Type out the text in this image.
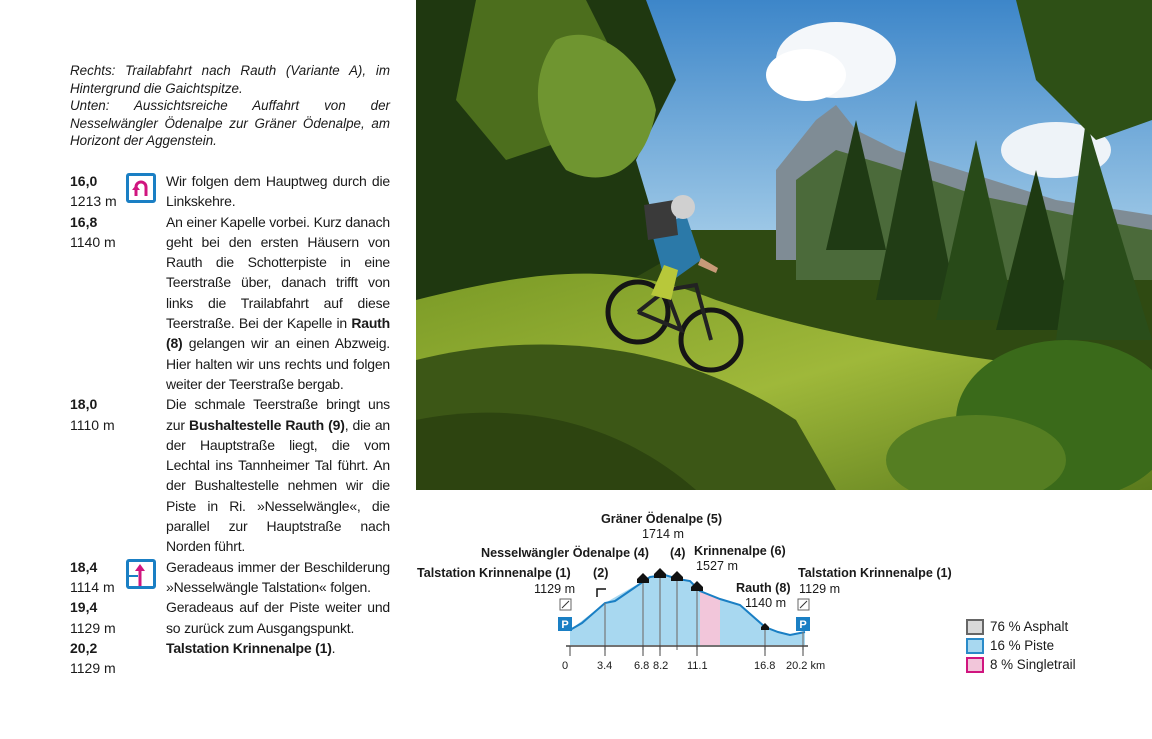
Rechts: Trailabfahrt nach Rauth (Variante A), im Hintergrund die Gaichtspitze.

Unten: Aussichtsreiche Auffahrt von der Nesselwängler Ödenalpe zur Gräner Ödenalpe, am Horizont der Aggenstein.

16,0
1213 m
Wir folgen dem Hauptweg durch die Linkskehre.
16,8
1140 m
An einer Kapelle vorbei. Kurz danach geht bei den ersten Häusern von Rauth die Schotterpiste in eine Teerstraße über, danach trifft von links die Trailabfahrt auf diese Teerstraße. Bei der Kapelle in Rauth (8) gelangen wir an einen Abzweig. Hier halten wir uns rechts und folgen weiter der Teerstraße bergab.
18,0
1110 m
Die schmale Teerstraße bringt uns zur Bushaltestelle Rauth (9), die an der Hauptstraße liegt, die vom Lechtal ins Tannheimer Tal führt. An der Bushaltestelle nehmen wir die Piste in Ri. »Nesselwängle«, die parallel zur Hauptstraße nach Norden führt.
18,4
1114 m
Geradeaus immer der Beschilderung »Nesselwängle Talstation« folgen.
19,4
1129 m
Geradeaus auf der Piste weiter und so zurück zum Ausgangspunkt.
20,2
1129 m
Talstation Krinnenalpe (1).
P	P
Gräner Ödenalpe (5)
1714 m
Nesselwängler Ödenalpe (4) (4) Krinnenalpe (6)
1527 m
Talstation Krinnenalpe (1)
1129 m
Talstation Krinnenalpe (1)
1129 m
Rauth (8)
1140 m
(2)
0	3.4 6.8 8.2 11.1	16.8 20.2 km
76 % Asphalt
16 % Piste
8 % Singletrail
